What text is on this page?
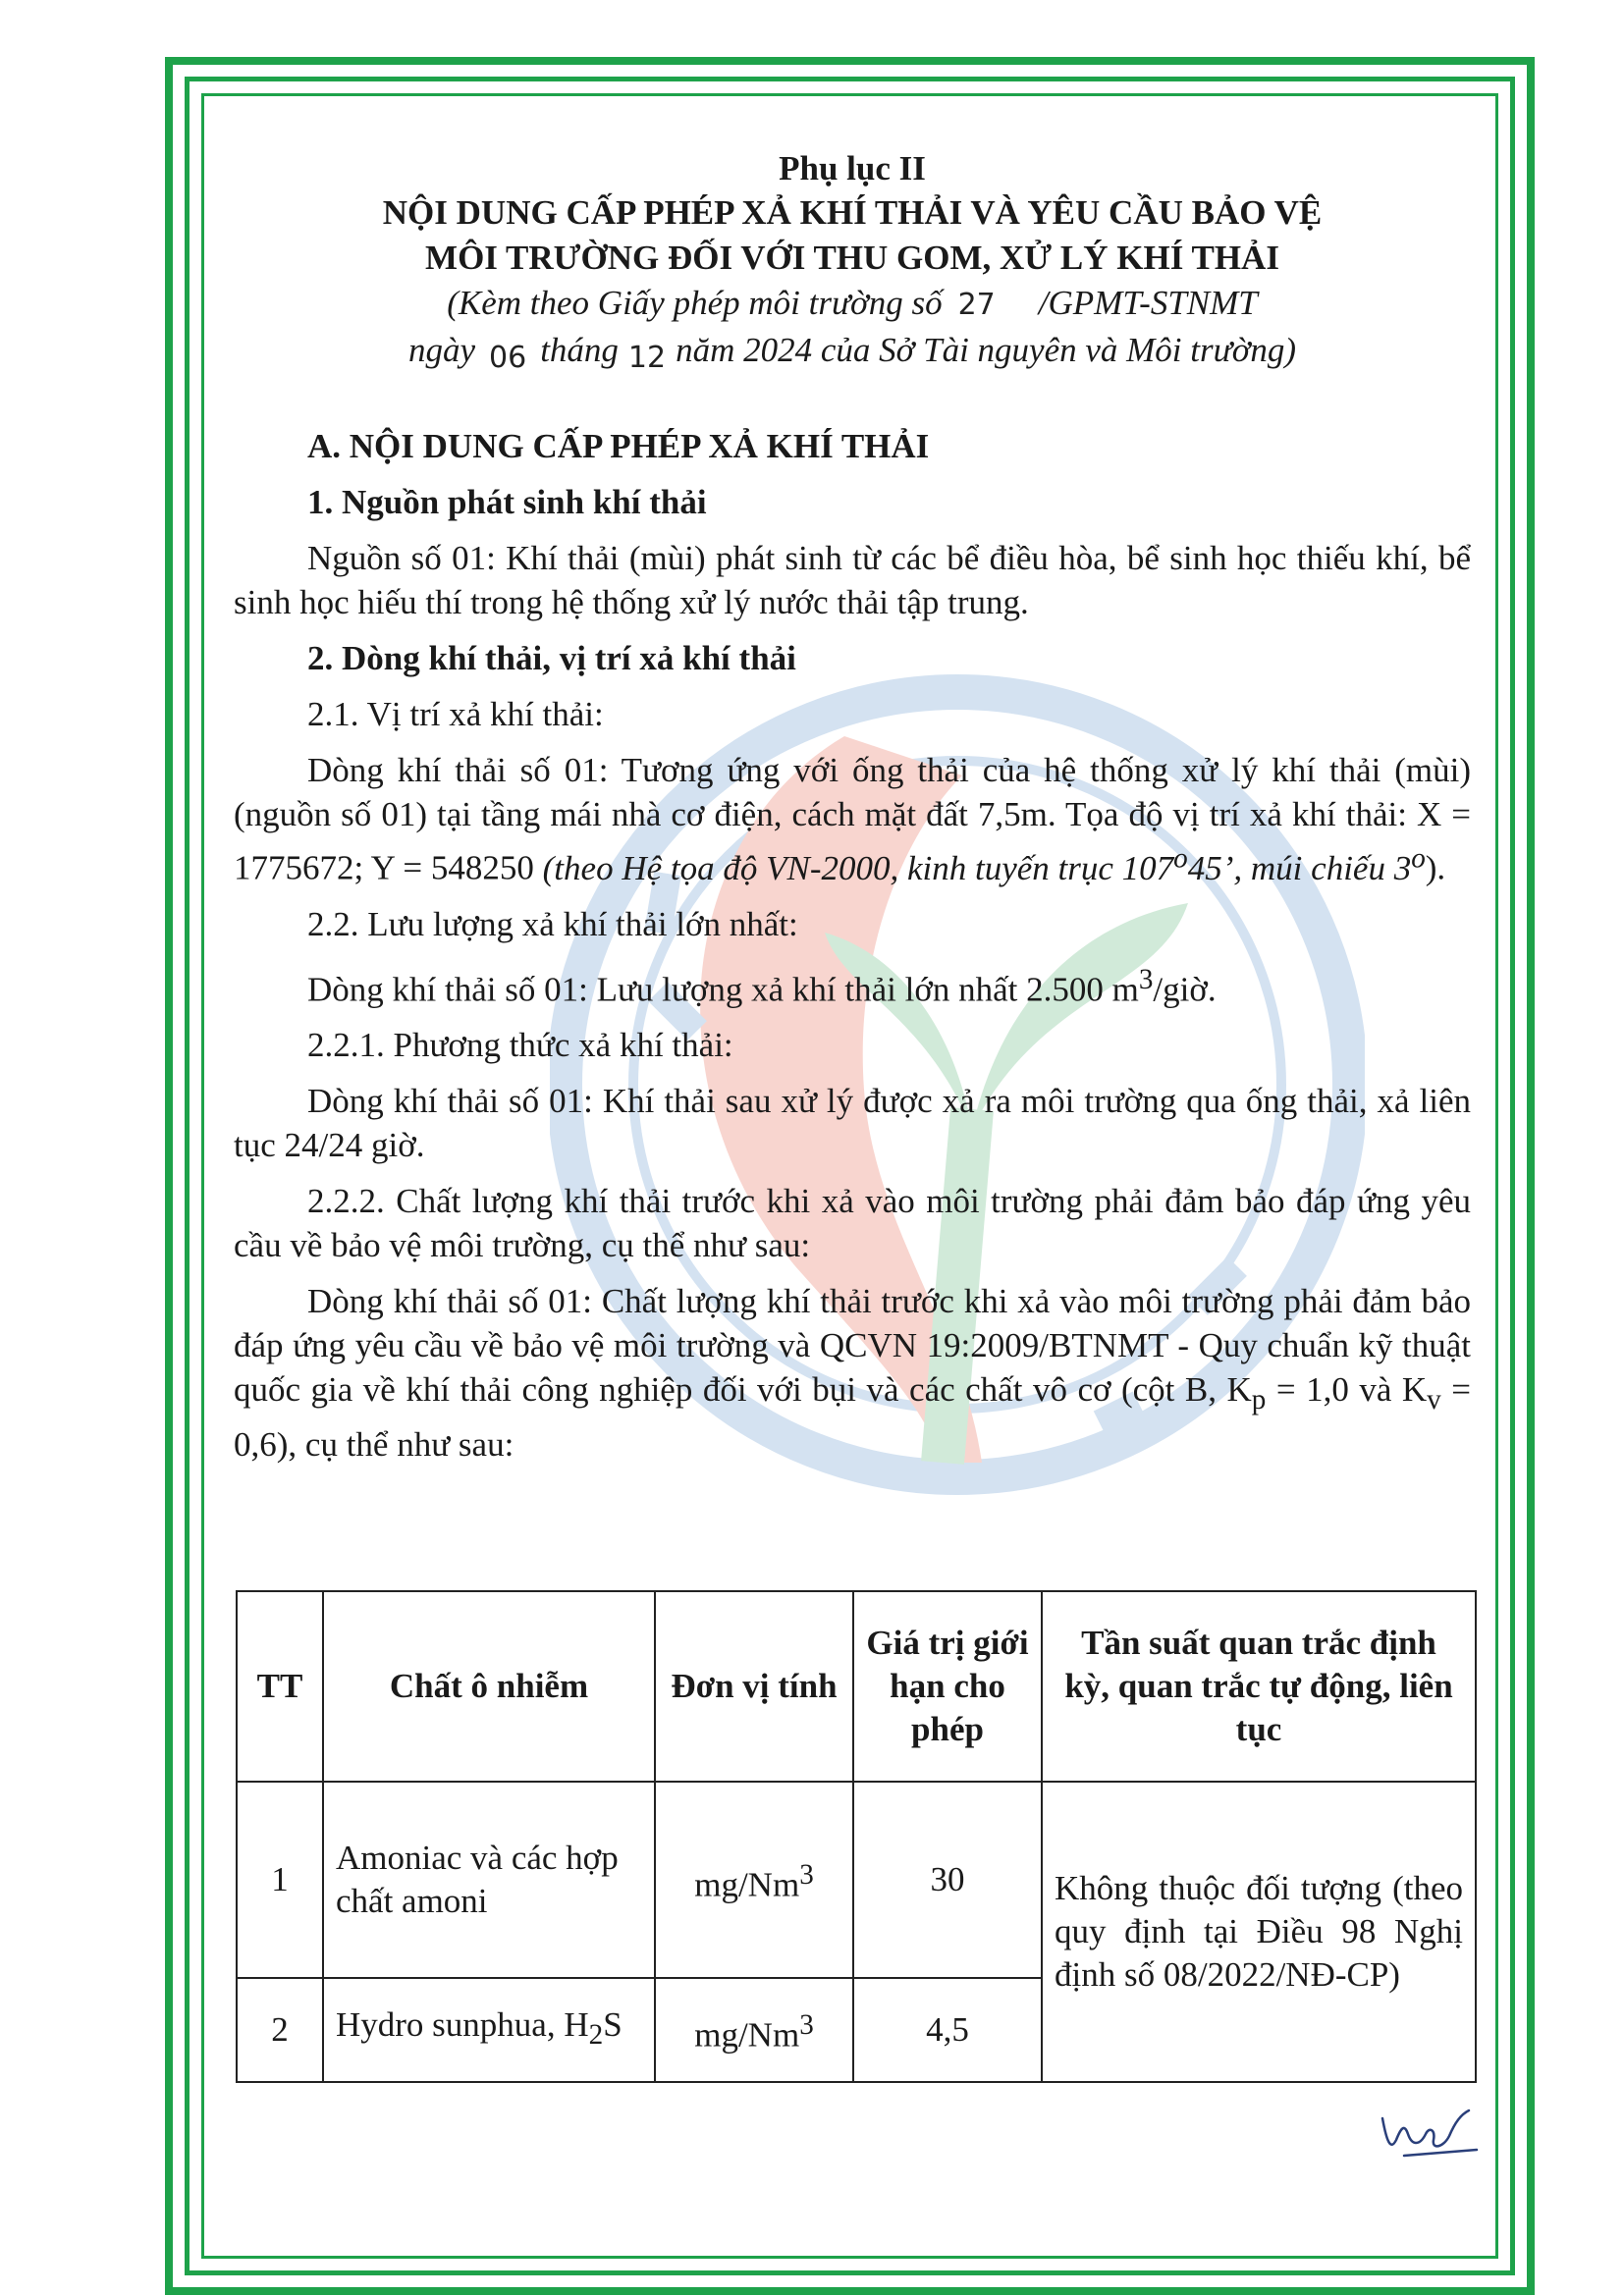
Phụ lục II
NỘI DUNG CẤP PHÉP XẢ KHÍ THẢI VÀ YÊU CẦU BẢO VỆ
MÔI TRƯỜNG ĐỐI VỚI THU GOM, XỬ LÝ KHÍ THẢI
(Kèm theo Giấy phép môi trường số 27 /GPMT-STNMT
ngày 06 tháng 12 năm 2024 của Sở Tài nguyên và Môi trường)

A. NỘI DUNG CẤP PHÉP XẢ KHÍ THẢI

1. Nguồn phát sinh khí thải

Nguồn số 01: Khí thải (mùi) phát sinh từ các bể điều hòa, bể sinh học thiếu khí, bể sinh học hiếu thí trong hệ thống xử lý nước thải tập trung.

2. Dòng khí thải, vị trí xả khí thải

2.1. Vị trí xả khí thải:

Dòng khí thải số 01: Tương ứng với ống thải của hệ thống xử lý khí thải (mùi) (nguồn số 01) tại tầng mái nhà cơ điện, cách mặt đất 7,5m. Tọa độ vị trí xả khí thải: X = 1775672; Y = 548250 (theo Hệ tọa độ VN-2000, kinh tuyến trục 107$^o$45’, múi chiếu 3$^o$).

2.2. Lưu lượng xả khí thải lớn nhất:

Dòng khí thải số 01: Lưu lượng xả khí thải lớn nhất 2.500 $m^3$/giờ.

2.2.1. Phương thức xả khí thải:

Dòng khí thải số 01: Khí thải sau xử lý được xả ra môi trường qua ống thải, xả liên tục 24/24 giờ.

2.2.2. Chất lượng khí thải trước khi xả vào môi trường phải đảm bảo đáp ứng yêu cầu về bảo vệ môi trường, cụ thể như sau:

Dòng khí thải số 01: Chất lượng khí thải trước khi xả vào môi trường phải đảm bảo đáp ứng yêu cầu về bảo vệ môi trường và QCVN 19:2009/BTNMT - Quy chuẩn kỹ thuật quốc gia về khí thải công nghiệp đối với bụi và các chất vô cơ (cột B, $K_p = 1,0$ và $K_v = 0,6$), cụ thể như sau:

TT	Chất ô nhiễm	Đơn vị tính	Giá trị giới hạn cho phép	Tần suất quan trắc định kỳ, quan trắc tự động, liên tục
1	Amoniac và các hợp chất amoni	mg/Nm$^3$	30	Không thuộc đối tượng (theo quy định tại Điều 98 Nghị định số 08/2022/NĐ-CP)
2	Hydro sunphua, $H_2S$	mg/Nm$^3$	4,5	
